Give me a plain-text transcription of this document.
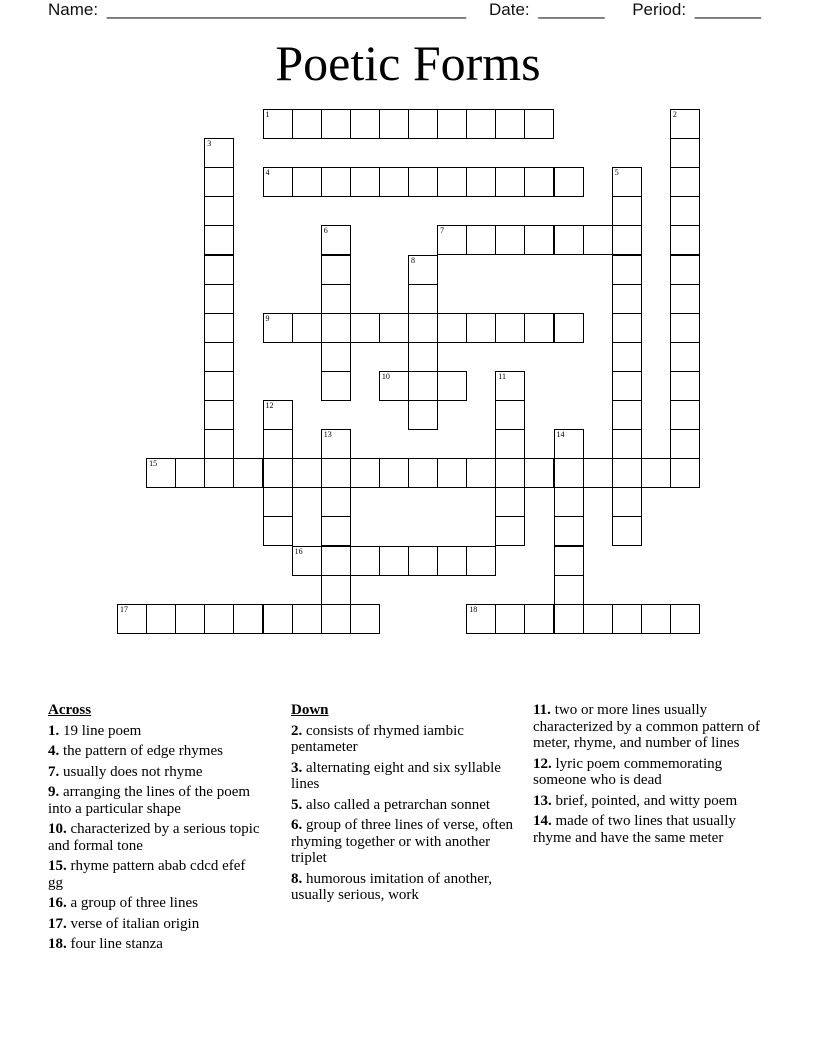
Name: ______________________________________ Date: _______ Period: _______
Poetic Forms
1	2
3
4	5
6	7
8
9
10	11
12
13	14
15
16
17	18
Across
1. 19 line poem
4. the pattern of edge rhymes
7. usually does not rhyme
9. arranging the lines of the poem into a particular shape
10. characterized by a serious topic and formal tone
15. rhyme pattern abab cdcd efef gg
16. a group of three lines
17. verse of italian origin
18. four line stanza
Down
2. consists of rhymed iambic pentameter
3. alternating eight and six syllable lines
5. also called a petrarchan sonnet
6. group of three lines of verse, often rhyming together or with another triplet
8. humorous imitation of another, usually serious, work
11. two or more lines usually characterized by a common pattern of meter, rhyme, and number of lines
12. lyric poem commemorating someone who is dead
13. brief, pointed, and witty poem
14. made of two lines that usually rhyme and have the same meter
